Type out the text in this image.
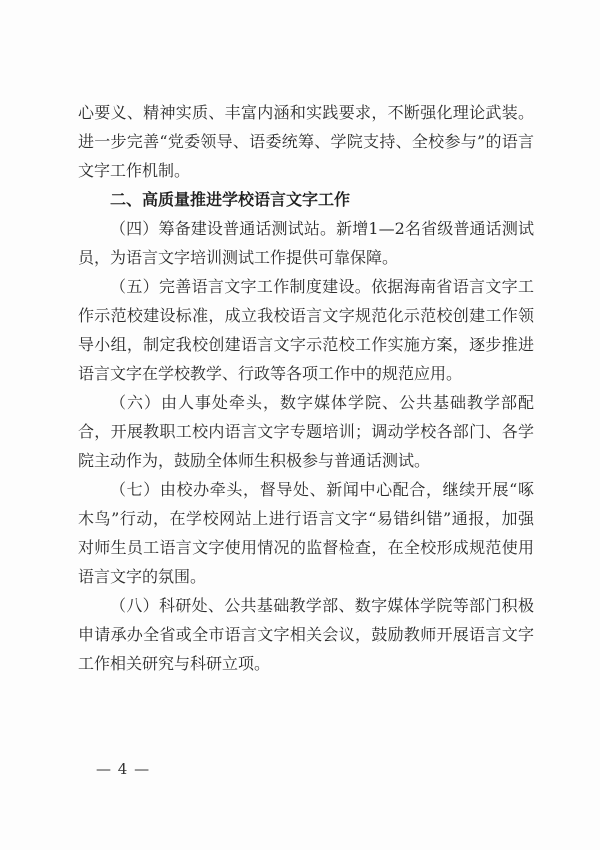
心要义、精神实质、丰富内涵和实践要求，不断强化理论武装。进一步完善“党委领导、语委统筹、学院支持、全校参与”的语言文字工作机制。

二、高质量推进学校语言文字工作

（四）筹备建设普通话测试站。新增1—2名省级普通话测试员，为语言文字培训测试工作提供可靠保障。

（五）完善语言文字工作制度建设。依据海南省语言文字工作示范校建设标准，成立我校语言文字规范化示范校创建工作领导小组，制定我校创建语言文字示范校工作实施方案，逐步推进语言文字在学校教学、行政等各项工作中的规范应用。

（六）由人事处牵头，数字媒体学院、公共基础教学部配合，开展教职工校内语言文字专题培训；调动学校各部门、各学院主动作为，鼓励全体师生积极参与普通话测试。

（七）由校办牵头，督导处、新闻中心配合，继续开展“啄木鸟”行动，在学校网站上进行语言文字“易错纠错”通报，加强对师生员工语言文字使用情况的监督检查，在全校形成规范使用语言文字的氛围。

（八）科研处、公共基础教学部、数字媒体学院等部门积极申请承办全省或全市语言文字相关会议，鼓励教师开展语言文字工作相关研究与科研立项。

— 4 —
